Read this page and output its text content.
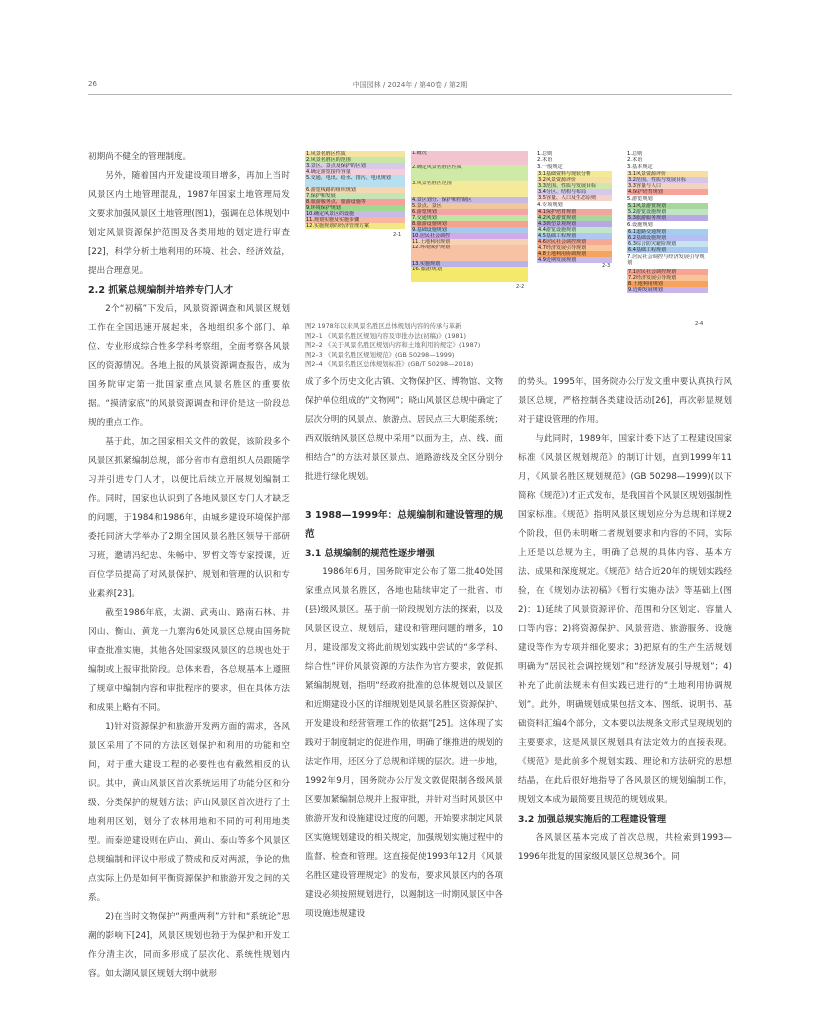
26	中国园林 / 2024年 / 第40卷 / 第2期
1.风景名胜区性质
2.风景名胜区的范围
3.景区、景点及保护的区划
4.确定游览接待容量
5.交通、电讯、给水、排污、电讯规划
6.游览线路的组织规划
7.保护和发展
8.旅游服务点、旅游设施等
9.环境保护规划
10.确定风景区的设施
11.规划实施及实施步骤
12.实施规划的经济管理方案
2-1
1.概况
2.确定风景名胜区性质
3.风景名胜区范围
4.景区划分、保护和控制区
5.景点、景区
6.游览规划
7.交通规划
8.旅游设施规划
9.基础设施规划
10.居民社会调控
11.土地利用规划
12.环境保护规划
13.实施规划
16.旅游规划
2-2
1.总则
2.术语
3.一般规定
3.1基础资料与现状分析
3.2风景资源评价
3.3范围、性质与发展目标
3.4分区、结构与布局
3.5容量、人口及生态原则
4.专项规划
4.1保护培育规划
4.2风景游赏规划
4.3典型景观规划
4.4游览设施规划
4.5基础工程规划
4.6居民社会调控规划
4.7经济发展引导规划
4.8土地利用协调规划
4.9近期发展规划
2-3
1.总则
2.术语
3.基本规定
3.1风景资源评价
3.2范围、性质与发展目标
3.3容量与人口
4.保护培育规划
5.游览规划
5.1风景游赏规划
5.2游览设施规划
5.3旅游服务规划
6.设施规划
6.1道路交通规划
6.2基础设施规划
6.3综合防灾避险规划
6.4基础工程规划
7.居民社会调控与经济发展引导规划
7.1居民社会调控规划
7.2经济发展引导规划
8.土地利用规划
9.近期发展规划
2-4
图2 1978年以来风景名胜区总体规划内容的传承与革新
图2–1 《风景名胜区规划内容及审批办法(初稿)》(1981)
图2–2 《关于风景名胜区规划内容和土地利用的规定》(1987)
图2–3 《风景名胜区规划规范》(GB 50298—1999)
图2–4 《风景名胜区总体规划标准》(GB/T 50298—2018)

初期尚不健全的管理制度。

另外，随着国内开发建设项目增多，再加上当时风景区内土地管理混乱，1987年国家土地管理局发文要求加强风景区土地管理(图1)，强调在总体规划中划定风景资源保护范围及各类用地的划定进行审查[22]，科学分析土地利用的环境、社会、经济效益，提出合理意见。

2.2 抓紧总规编制并培养专门人才

2个“初稿”下发后，风景资源调查和风景区规划工作在全国迅速开展起来，各地组织多个部门、单位、专业形成综合性多学科考察组，全面考察各风景区的资源情况。各地上报的风景资源调查报告，成为国务院审定第一批国家重点风景名胜区的重要依据。“摸清家底”的风景资源调查和评价是这一阶段总规的重点工作。

基于此，加之国家相关文件的敦促，该阶段多个风景区抓紧编制总规，部分省市有意组织人员跟随学习并引进专门人才，以便比后续立开展规划编制工作。同时，国家也认识到了各地风景区专门人才缺乏的问题，于1984和1986年，由城乡建设环境保护部委托同济大学举办了2期全国风景名胜区领导干部研习班，邀请冯纪忠、朱畅中、罗哲文等专家授课，近百位学员提高了对风景保护、规划和管理的认识和专业素养[23]。

截至1986年底，太湖、武夷山、路南石林、井冈山、衡山、黄龙一九寨沟6处风景区总规由国务院审查批准实施，其他各处国家级风景区的总规也处于编制或上报审批阶段。总体来看，各总规基本上遵照了规章中编制内容和审批程序的要求，但在具体方法和成果上略有不同。

1)针对资源保护和旅游开发两方面的需求，各风景区采用了不同的方法区划保护和利用的功能和空间，对于重大建设工程的必要性也有截然相反的认识。其中，黄山风景区首次系统运用了功能分区和分级、分类保护的规划方法；庐山风景区首次进行了土地利用区划，划分了农林用地和不同的可利用地类型。而泰逆建设则在庐山、黄山、泰山等多个风景区总规编制和评议中形成了赞成和反对两派，争论的焦点实际上仍是如何平衡资源保护和旅游开发之间的关系。

2)在当时文物保护“两重两利”方针和“系统论”思潮的影响下[24]，风景区规划也勃于为保护和开发工作分清主次，同而多形成了层次化、系统性规划内容。如太湖风景区规划大纲中就形

成了多个历史文化古镇、文物保护区、博物馆、文物保护单位组成的“文物网”；晓山风景区总规中确定了层次分明的风景点、旅游点、居民点三大职能系统；西双版纳风景区总规中采用“以面为主，点、线、面相结合”的方法对景区景点、道路游线及全区分别分批进行绿化规划。

3 1988—1999年：总规编制和建设管理的规范
3.1 总规编制的规范性逐步增强

1986年6月，国务院审定公布了第二批40处国家重点风景名胜区，各地也陆续审定了一批省、市(县)级风景区。基于前一阶段规划方法的探索，以及风景区设立、规划后，建设和管理问题的增多，10月，建设部发文将此前规划实践中尝试的“多学科、综合性”评价风景资源的方法作为官方要求，敦促抓紧编制规划，指明“经政府批准的总体规划以及景区和近期建设小区的详细规划是风景名胜区资源保护、开发建设和经营管理工作的依据”[25]。这体现了实践对于制度制定的促进作用，明确了继推进的规划的法定作用，还区分了总规和详规的层次。进一步地，1992年9月，国务院办公厅发文敦促限制各级风景区要加紧编制总规并上报审批，并针对当时风景区中旅游开发和设施建设过度的问题，开始要求制定风景区实施规划建设的相关规定，加强规划实施过程中的监督、检查和管理。这直接促使1993年12月《风景名胜区建设管理规定》的发布，要求风景区内的各项建设必须按照规划进行，以遏制这一时期风景区中各项设施违规建设

的势头。1995年，国务院办公厅发文重申要认真执行风景区总规，严格控制各类建设活动[26]，再次彰显规划对于建设管理的作用。

与此同时，1989年，国家计委下达了工程建设国家标准《风景区规划规范》的制订计划，直到1999年11月，《风景名胜区规划规范》(GB 50298—1999)(以下简称《规范》)才正式发布，是我国首个风景区规划强制性国家标准。《规范》指明风景区规划应分为总规和详规2个阶段，但仍未明晰二者规划要求和内容的不同，实际上还是以总规为主，明确了总规的具体内容、基本方法、成果和深度规定。《规范》结合近20年的规划实践经验，在《规划办法初稿》《暂行实施办法》等基础上(图2)：1)延续了风景资源评价、范围和分区划定、容量人口等内容；2)将资源保护、风景营造、旅游服务、设施建设等作为专项并细化要求；3)把原有的生产生活规划明确为“居民社会调控规划”和“经济发展引导规划”；4)补充了此前法规未有但实践已进行的“土地利用协调规划”。此外，明确规划成果包括文本、图纸、说明书、基础资料汇编4个部分，文本要以法规条文形式呈现规划的主要要求，这是风景区规划具有法定效力的直接表现。《规范》是此前多个规划实践、理论和方法研究的思想结晶，在此后很好地指导了各风景区的规划编制工作，规划文本成为最简要且规范的规划成果。

3.2 加强总规实施后的工程建设管理

各风景区基本完成了首次总规，共检索到1993—1996年批复的国家级风景区总规36个。同
